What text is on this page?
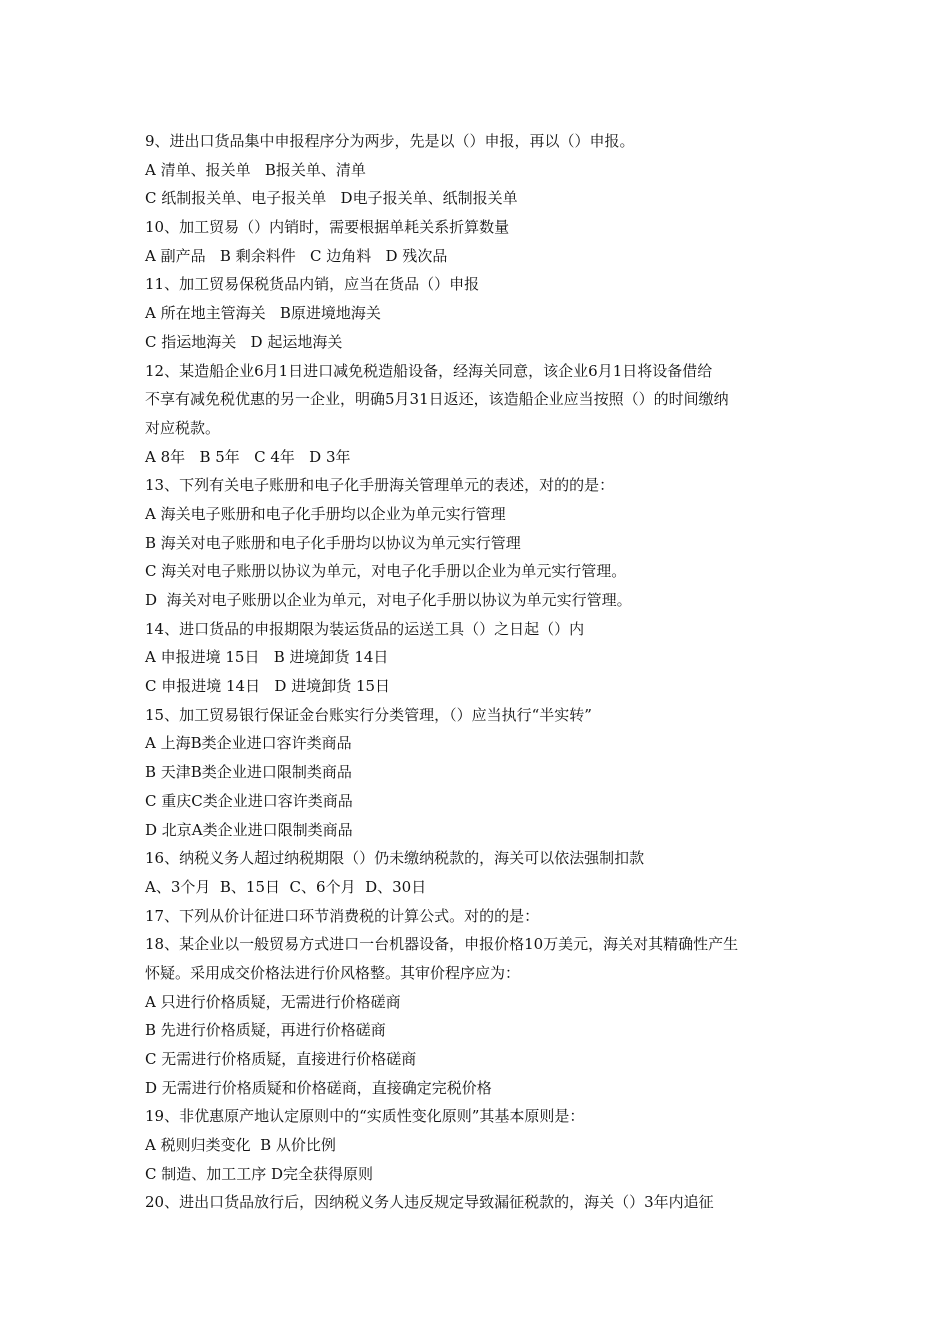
9、进出口货品集中申报程序分为两步，先是以（）申报，再以（）申报。
A 清单、报关单   B报关单、清单
C 纸制报关单、电子报关单   D电子报关单、纸制报关单
10、加工贸易（）内销时，需要根据单耗关系折算数量
A 副产品   B 剩余料件   C 边角料   D 残次品
11、加工贸易保税货品内销，应当在货品（）申报
A 所在地主管海关   B原进境地海关
C 指运地海关   D 起运地海关
12、某造船企业6月1日进口减免税造船设备，经海关同意，该企业6月1日将设备借给
不享有减免税优惠的另一企业，明确5月31日返还，该造船企业应当按照（）的时间缴纳
对应税款。
A 8年   B 5年   C 4年   D 3年
13、下列有关电子账册和电子化手册海关管理单元的表述，对的的是：
A 海关电子账册和电子化手册均以企业为单元实行管理
B 海关对电子账册和电子化手册均以协议为单元实行管理
C 海关对电子账册以协议为单元，对电子化手册以企业为单元实行管理。
D  海关对电子账册以企业为单元，对电子化手册以协议为单元实行管理。
14、进口货品的申报期限为装运货品的运送工具（）之日起（）内
A 申报进境 15日   B 进境卸货 14日
C 申报进境 14日   D 进境卸货 15日
15、加工贸易银行保证金台账实行分类管理，（）应当执行“半实转”
A 上海B类企业进口容许类商品
B 天津B类企业进口限制类商品
C 重庆C类企业进口容许类商品
D 北京A类企业进口限制类商品
16、纳税义务人超过纳税期限（）仍未缴纳税款的，海关可以依法强制扣款
A、3个月  B、15日  C、6个月  D、30日
17、下列从价计征进口环节消费税的计算公式。对的的是：
18、某企业以一般贸易方式进口一台机器设备，申报价格10万美元，海关对其精确性产生
怀疑。采用成交价格法进行价风格整。其审价程序应为：
A 只进行价格质疑，无需进行价格磋商
B 先进行价格质疑，再进行价格磋商
C 无需进行价格质疑，直接进行价格磋商
D 无需进行价格质疑和价格磋商，直接确定完税价格
19、非优惠原产地认定原则中的“实质性变化原则”其基本原则是：
A 税则归类变化  B 从价比例
C 制造、加工工序 D完全获得原则
20、进出口货品放行后，因纳税义务人违反规定导致漏征税款的，海关（）3年内追征
